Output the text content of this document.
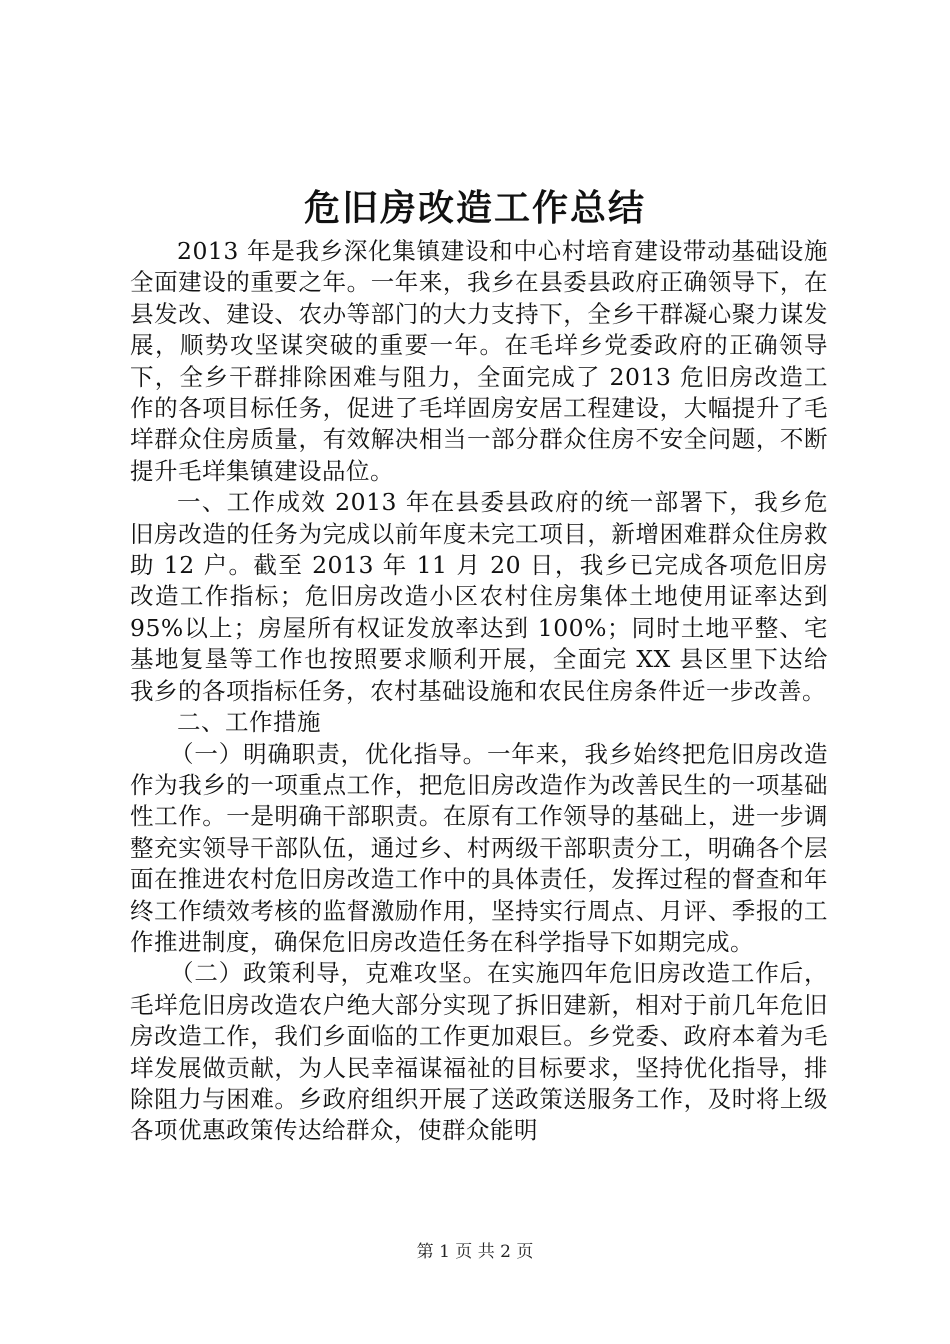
危旧房改造工作总结

2013 年是我乡深化集镇建设和中心村培育建设带动基础设施全面建设的重要之年。一年来，我乡在县委县政府正确领导下，在县发改、建设、农办等部门的大力支持下，全乡干群凝心聚力谋发展，顺势攻坚谋突破的重要一年。在毛垟乡党委政府的正确领导下，全乡干群排除困难与阻力，全面完成了 2013 危旧房改造工作的各项目标任务，促进了毛垟固房安居工程建设，大幅提升了毛垟群众住房质量，有效解决相当一部分群众住房不安全问题，不断提升毛垟集镇建设品位。

一、工作成效 2013 年在县委县政府的统一部署下，我乡危旧房改造的任务为完成以前年度未完工项目，新增困难群众住房救助 12 户。截至 2013 年 11 月 20 日，我乡已完成各项危旧房改造工作指标；危旧房改造小区农村住房集体土地使用证率达到 95%以上；房屋所有权证发放率达到 100%；同时土地平整、宅基地复垦等工作也按照要求顺利开展，全面完 XX 县区里下达给我乡的各项指标任务，农村基础设施和农民住房条件近一步改善。

二、工作措施

（一）明确职责，优化指导。一年来，我乡始终把危旧房改造作为我乡的一项重点工作，把危旧房改造作为改善民生的一项基础性工作。一是明确干部职责。在原有工作领导的基础上，进一步调整充实领导干部队伍，通过乡、村两级干部职责分工，明确各个层面在推进农村危旧房改造工作中的具体责任，发挥过程的督查和年终工作绩效考核的监督激励作用，坚持实行周点、月评、季报的工作推进制度，确保危旧房改造任务在科学指导下如期完成。

（二）政策利导，克难攻坚。在实施四年危旧房改造工作后，毛垟危旧房改造农户绝大部分实现了拆旧建新，相对于前几年危旧房改造工作，我们乡面临的工作更加艰巨。乡党委、政府本着为毛垟发展做贡献，为人民幸福谋福祉的目标要求，坚持优化指导，排除阻力与困难。乡政府组织开展了送政策送服务工作，及时将上级各项优惠政策传达给群众，使群众能明

第 1 页 共 2 页
